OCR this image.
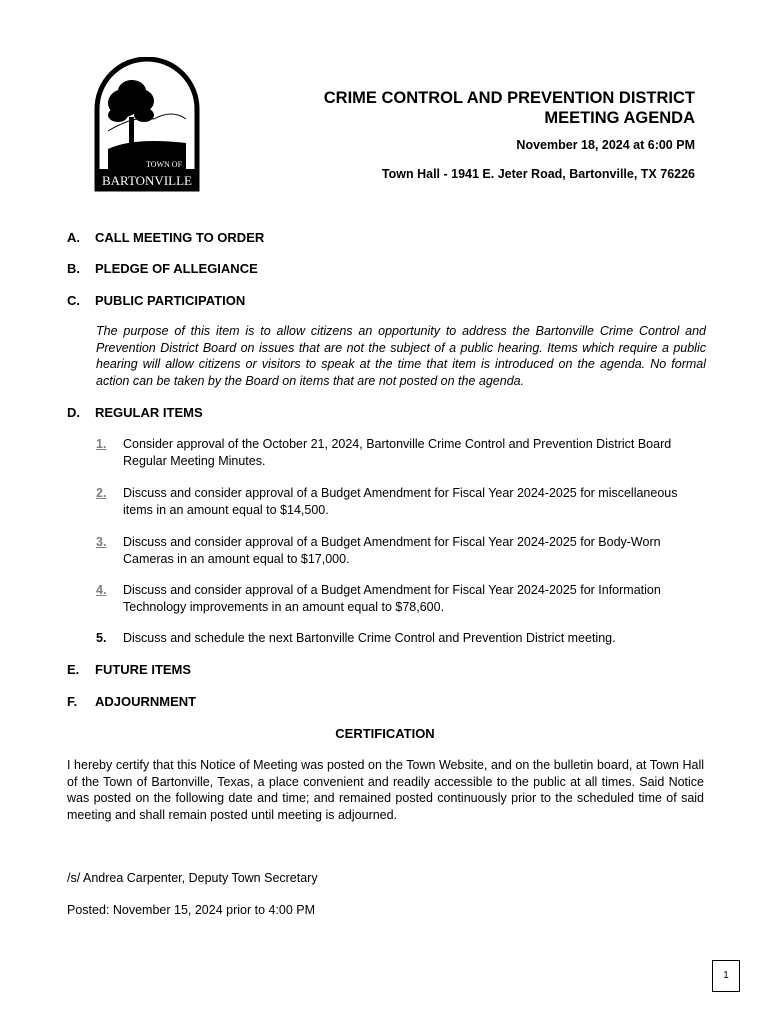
TOWN OF
BARTONVILLE
CRIME CONTROL AND PREVENTION DISTRICT
MEETING AGENDA
November 18, 2024 at 6:00 PM
Town Hall - 1941 E. Jeter Road, Bartonville, TX 76226
A. CALL MEETING TO ORDER
B. PLEDGE OF ALLEGIANCE
C. PUBLIC PARTICIPATION
The purpose of this item is to allow citizens an opportunity to address the Bartonville Crime Control and Prevention District Board on issues that are not the subject of a public hearing. Items which require a public hearing will allow citizens or visitors to speak at the time that item is introduced on the agenda. No formal action can be taken by the Board on items that are not posted on the agenda.
D. REGULAR ITEMS
1. Consider approval of the October 21, 2024, Bartonville Crime Control and Prevention District Board Regular Meeting Minutes.
2. Discuss and consider approval of a Budget Amendment for Fiscal Year 2024-2025 for miscellaneous items in an amount equal to $14,500.
3. Discuss and consider approval of a Budget Amendment for Fiscal Year 2024-2025 for Body-Worn Cameras in an amount equal to $17,000.
4. Discuss and consider approval of a Budget Amendment for Fiscal Year 2024-2025 for Information Technology improvements in an amount equal to $78,600.
5. Discuss and schedule the next Bartonville Crime Control and Prevention District meeting.
E. FUTURE ITEMS
F. ADJOURNMENT
CERTIFICATION
I hereby certify that this Notice of Meeting was posted on the Town Website, and on the bulletin board, at Town Hall of the Town of Bartonville, Texas, a place convenient and readily accessible to the public at all times. Said Notice was posted on the following date and time; and remained posted continuously prior to the scheduled time of said meeting and shall remain posted until meeting is adjourned.
/s/ Andrea Carpenter, Deputy Town Secretary
Posted: November 15, 2024 prior to 4:00 PM
1
